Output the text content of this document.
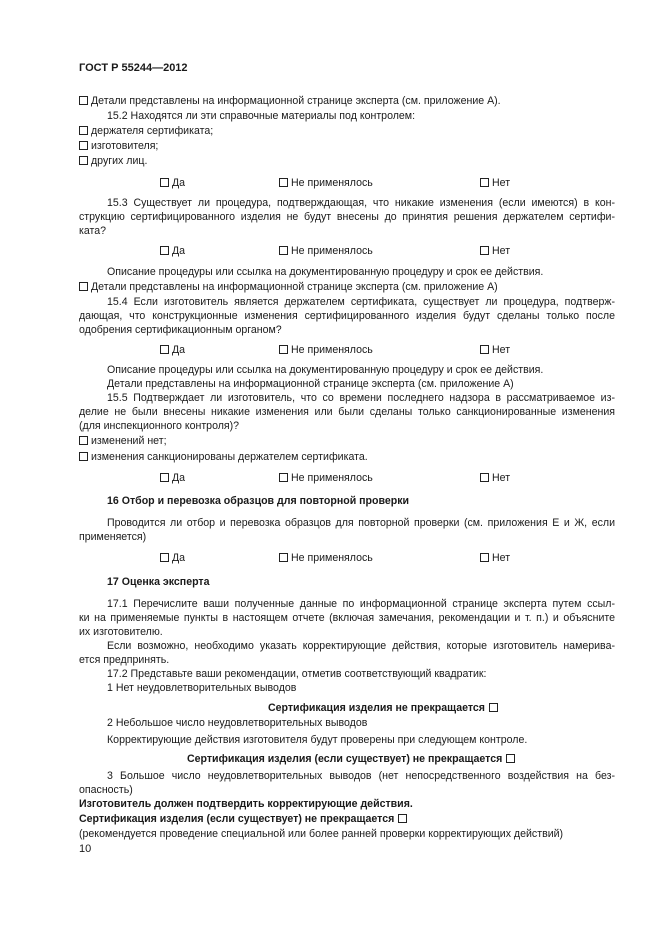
ГОСТ Р 55244—2012
Детали представлены на информационной странице эксперта (см. приложение А).
15.2 Находятся ли эти справочные материалы под контролем:
держателя сертификата;
изготовителя;
других лиц.
Да	Не применялось	Нет
15.3 Существует ли процедура, подтверждающая, что никакие изменения (если имеются) в кон-
струкцию сертифицированного изделия не будут внесены до принятия решения держателем сертифи-
ката?
Да	Не применялось	Нет
Описание процедуры или ссылка на документированную процедуру и срок ее действия.
Детали представлены на информационной странице эксперта (см. приложение А)
15.4 Если изготовитель является держателем сертификата, существует ли процедура, подтверж-
дающая, что конструкционные изменения сертифицированного изделия будут сделаны только после
одобрения сертификационным органом?
Да	Не применялось	Нет
Описание процедуры или ссылка на документированную процедуру и срок ее действия.
Детали представлены на информационной странице эксперта (см. приложение А)
15.5 Подтверждает ли изготовитель, что со времени последнего надзора в рассматриваемое из-
делие не были внесены никакие изменения или были сделаны только санкционированные изменения
(для инспекционного контроля)?
изменений нет;
изменения санкционированы держателем сертификата.
Да	Не применялось	Нет
16 Отбор и перевозка образцов для повторной проверки
Проводится ли отбор и перевозка образцов для повторной проверки (см. приложения Е и Ж, если
применяется)
Да	Не применялось	Нет
17 Оценка эксперта
17.1 Перечислите ваши полученные данные по информационной странице эксперта путем ссыл-
ки на применяемые пункты в настоящем отчете (включая замечания, рекомендации и т. п.) и объясните
их изготовителю.
Если возможно, необходимо указать корректирующие действия, которые изготовитель намерива-
ется предпринять.
17.2 Представьте ваши рекомендации, отметив соответствующий квадратик:
1 Нет неудовлетворительных выводов
Сертификация изделия не прекращается
2 Небольшое число неудовлетворительных выводов
Корректирующие действия изготовителя будут проверены при следующем контроле.
Сертификация изделия (если существует) не прекращается
3 Большое число неудовлетворительных выводов (нет непосредственного воздействия на без-
опасность)
Изготовитель должен подтвердить корректирующие действия.
Сертификация изделия (если существует) не прекращается
(рекомендуется проведение специальной или более ранней проверки корректирующих действий)
10
